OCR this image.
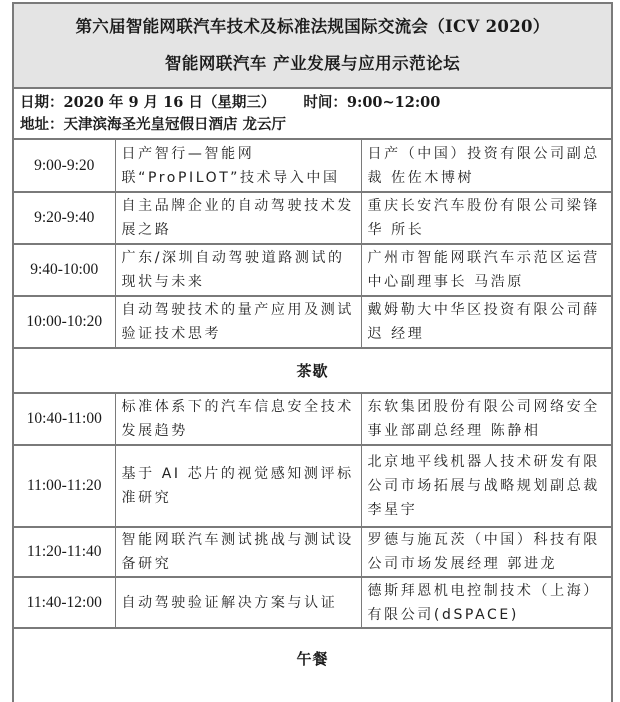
第六届智能网联汽车技术及标准法规国际交流会（ICV 2020）
智能网联汽车 产业发展与应用示范论坛
日期：2020 年 9 月 16 日（星期三） 时间：9:00~12:00
地址：天津滨海圣光皇冠假日酒店 龙云厅
9:00-9:20	日产智行—智能网联“ProPILOT”技术导入中国	日产（中国）投资有限公司副总裁 佐佐木博树
9:20-9:40	自主品牌企业的自动驾驶技术发展之路	重庆长安汽车股份有限公司梁锋华 所长
9:40-10:00	广东/深圳自动驾驶道路测试的现状与未来	广州市智能网联汽车示范区运营中心副理事长 马浩原
10:00-10:20	自动驾驶技术的量产应用及测试验证技术思考	戴姆勒大中华区投资有限公司薛迟 经理
茶歇		
10:40-11:00	标准体系下的汽车信息安全技术发展趋势	东软集团股份有限公司网络安全事业部副总经理 陈静相
11:00-11:20	基于 AI 芯片的视觉感知测评标准研究	北京地平线机器人技术研发有限公司市场拓展与战略规划副总裁 李星宇
11:20-11:40	智能网联汽车测试挑战与测试设备研究	罗德与施瓦茨（中国）科技有限公司市场发展经理 郭进龙
11:40-12:00	自动驾驶验证解决方案与认证	德斯拜恩机电控制技术（上海）有限公司(dSPACE)
午餐		
